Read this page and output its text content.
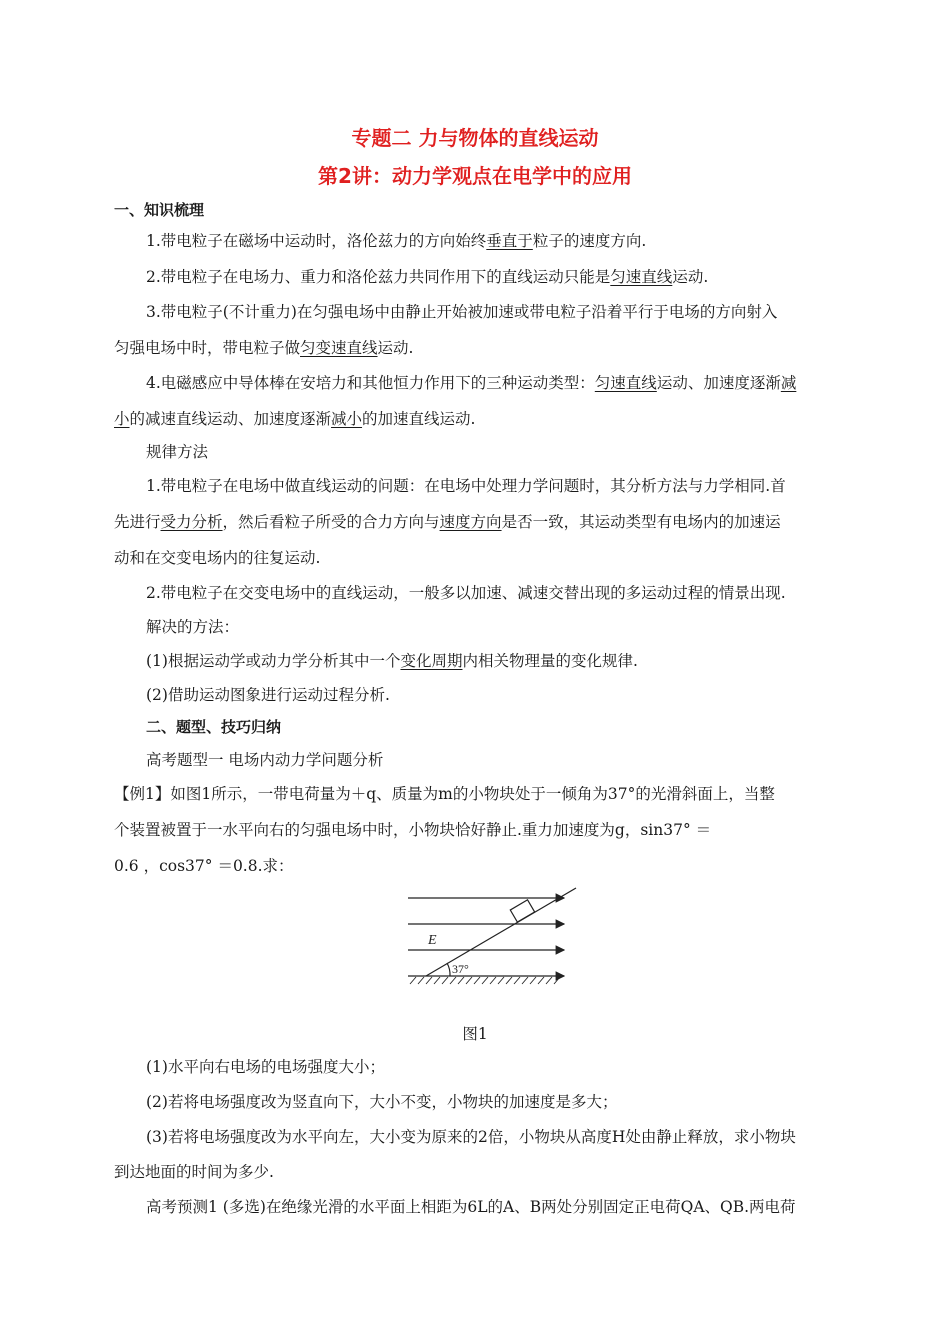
专题二 力与物体的直线运动
第2讲：动力学观点在电学中的应用
一、知识梳理
1.带电粒子在磁场中运动时，洛伦兹力的方向始终垂直于粒子的速度方向.
2.带电粒子在电场力、重力和洛伦兹力共同作用下的直线运动只能是匀速直线运动.
3.带电粒子(不计重力)在匀强电场中由静止开始被加速或带电粒子沿着平行于电场的方向射入
匀强电场中时，带电粒子做匀变速直线运动.
4.电磁感应中导体棒在安培力和其他恒力作用下的三种运动类型：匀速直线运动、加速度逐渐减
小的减速直线运动、加速度逐渐减小的加速直线运动.
规律方法
1.带电粒子在电场中做直线运动的问题：在电场中处理力学问题时，其分析方法与力学相同.首
先进行受力分析，然后看粒子所受的合力方向与速度方向是否一致，其运动类型有电场内的加速运
动和在交变电场内的往复运动.
2.带电粒子在交变电场中的直线运动，一般多以加速、减速交替出现的多运动过程的情景出现.
解决的方法：
(1)根据运动学或动力学分析其中一个变化周期内相关物理量的变化规律.
(2)借助运动图象进行运动过程分析.
二、题型、技巧归纳
高考题型一 电场内动力学问题分析
【例1】如图1所示，一带电荷量为＋q、质量为m的小物块处于一倾角为37°的光滑斜面上，当整
个装置被置于一水平向右的匀强电场中时，小物块恰好静止.重力加速度为g，sin37° ＝
0.6 ，cos37° ＝0.8.求：
E
37°
图1
(1)水平向右电场的电场强度大小；
(2)若将电场强度改为竖直向下，大小不变，小物块的加速度是多大；
(3)若将电场强度改为水平向左，大小变为原来的2倍，小物块从高度H处由静止释放，求小物块
到达地面的时间为多少.
高考预测1 (多选)在绝缘光滑的水平面上相距为6L的A、B两处分别固定正电荷QA、QB.两电荷
